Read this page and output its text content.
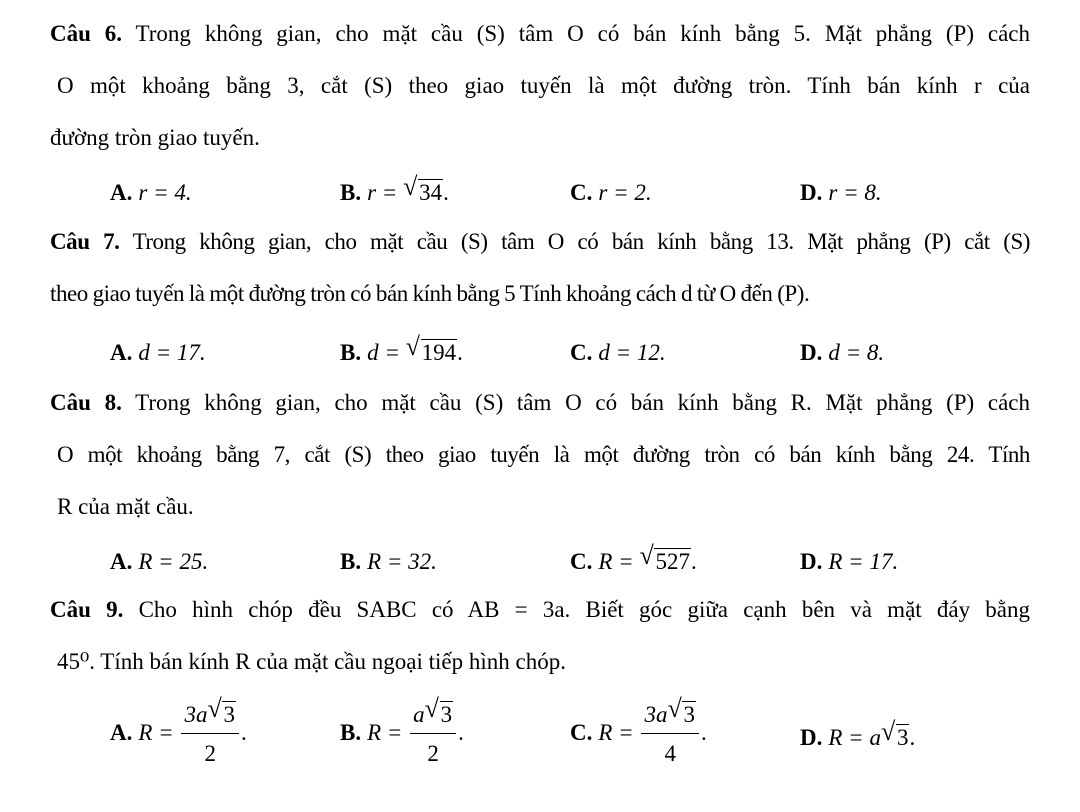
Câu 6. Trong không gian, cho mặt cầu (S) tâm O có bán kính bằng 5. Mặt phẳng (P) cách
O một khoảng bằng 3, cắt (S) theo giao tuyến là một đường tròn. Tính bán kính r của
đường tròn giao tuyến.
A. r = 4.	B. r = √ 34.	C. r = 2.	D. r = 8.
Câu 7. Trong không gian, cho mặt cầu (S) tâm O có bán kính bằng 13. Mặt phẳng (P) cắt (S)
theo giao tuyến là một đường tròn có bán kính bằng 5 Tính khoảng cách d từ O đến (P).
A. d = 17.	B. d = √ 194.	C. d = 12.	D. d = 8.
Câu 8. Trong không gian, cho mặt cầu (S) tâm O có bán kính bằng R. Mặt phẳng (P) cách
O một khoảng bằng 7, cắt (S) theo giao tuyến là một đường tròn có bán kính bằng 24. Tính
R của mặt cầu.
A. R = 25.	B. R = 32.	C. R = √ 527.	D. R = 17.
Câu 9. Cho hình chóp đều SABC có AB = 3a. Biết góc giữa cạnh bên và mặt đáy bằng
45⁰. Tính bán kính R của mặt cầu ngoại tiếp hình chóp.
A. $R = \frac{3a √ 3}{2}$ .	B. $R = \frac{a √ 3}{2}$ .	C. $R = \frac{3a √ 3}{4}$ .	D. R = a √ 3.
